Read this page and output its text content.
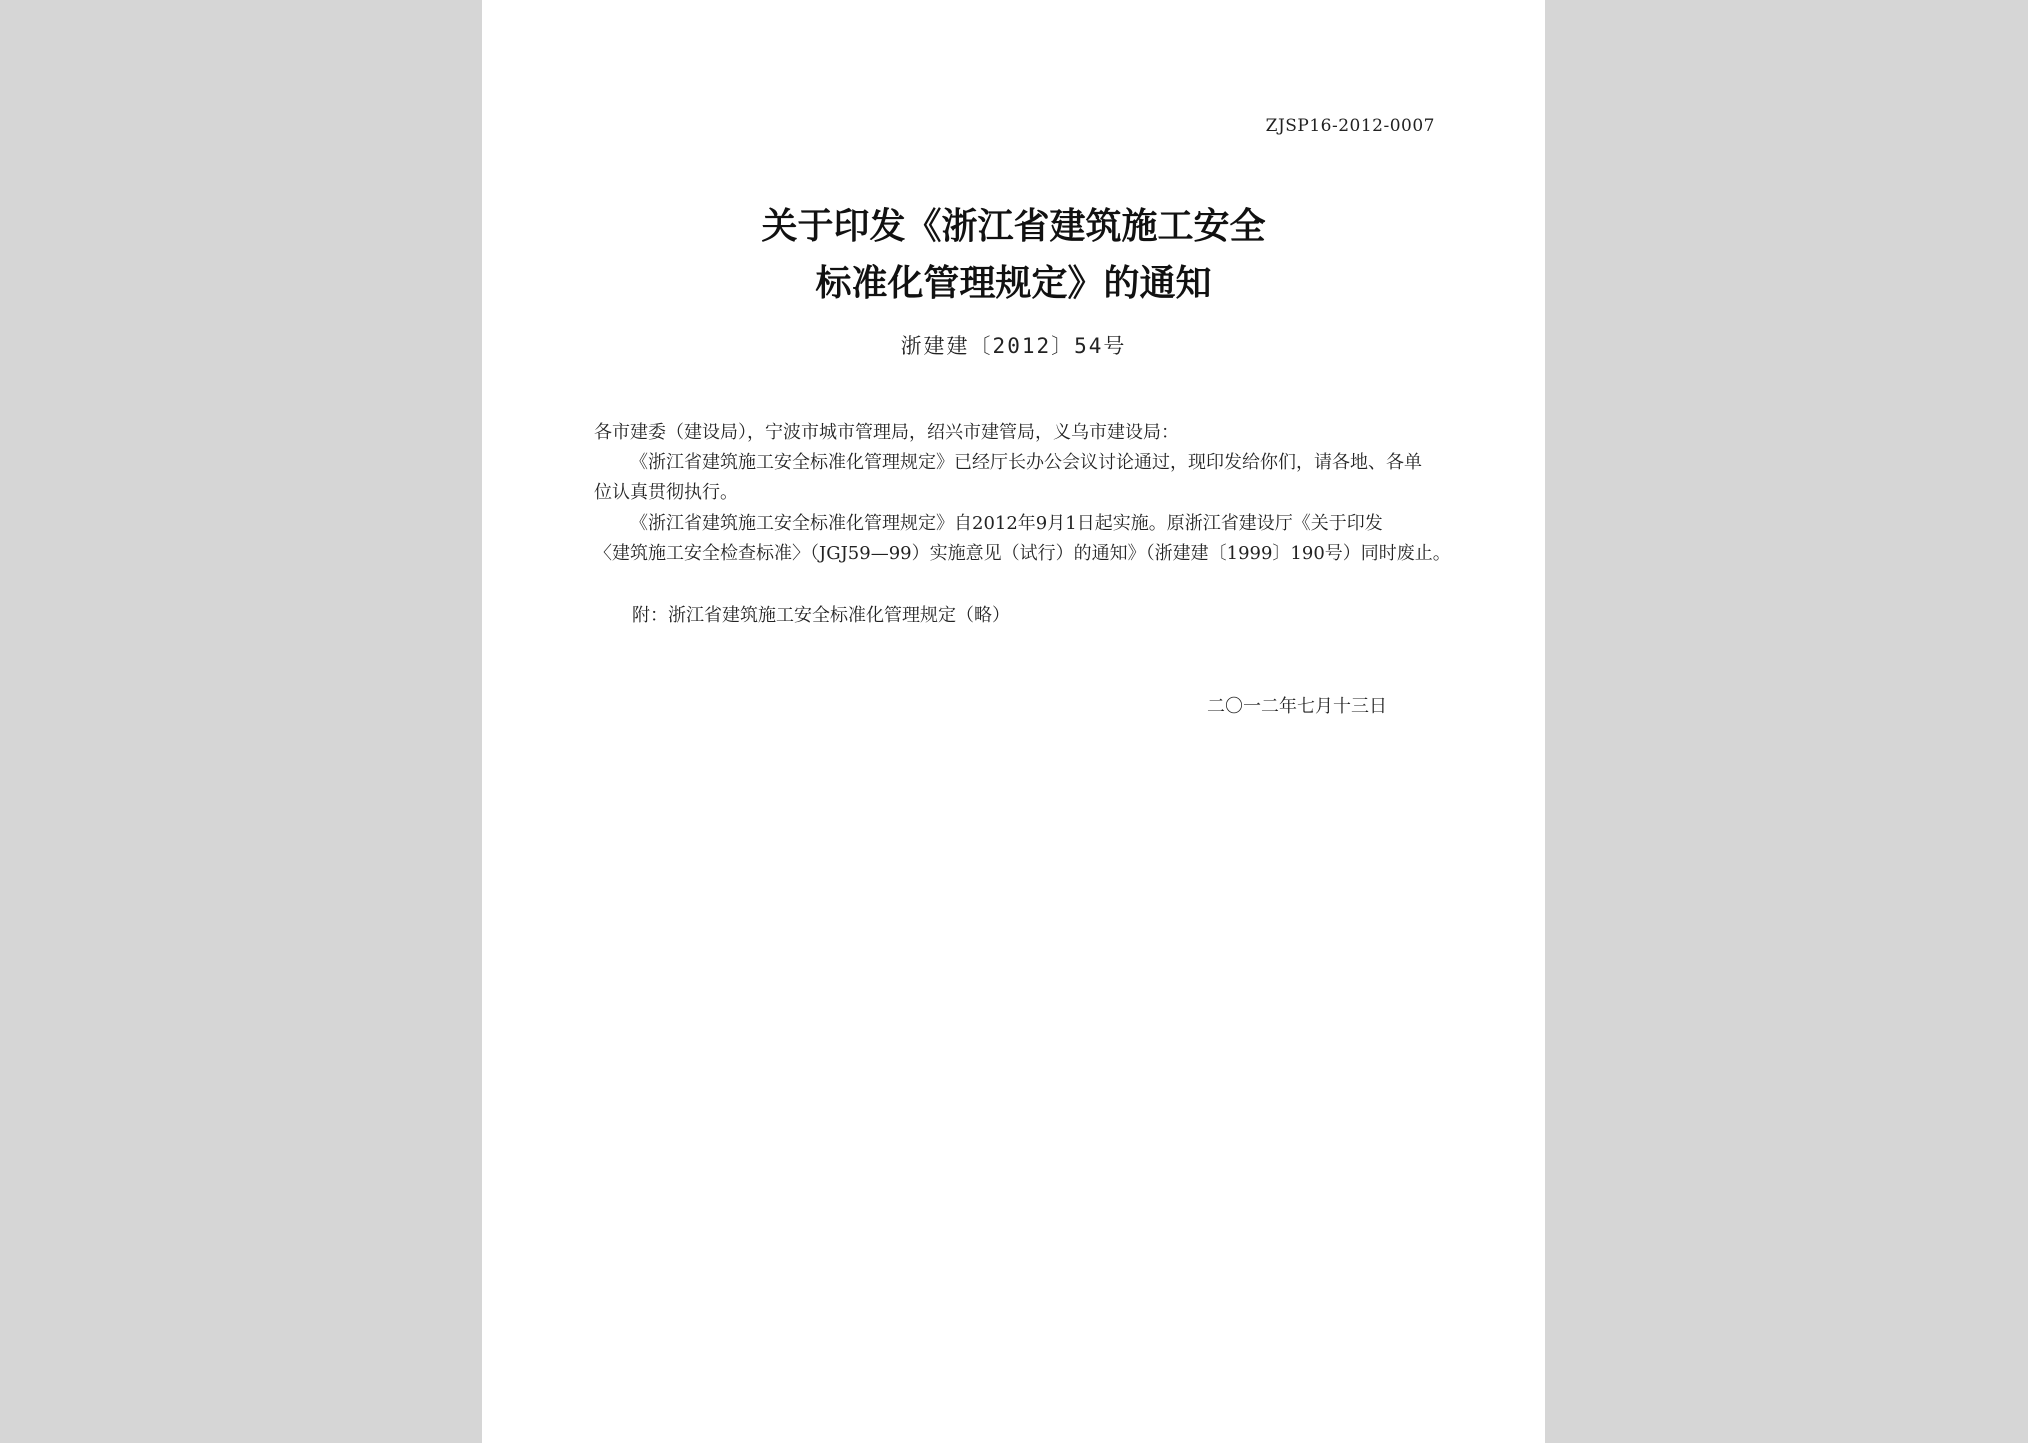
ZJSP16-2012-0007
关于印发《浙江省建筑施工安全
标准化管理规定》的通知
浙建建〔2012〕54号
各市建委（建设局），宁波市城市管理局，绍兴市建管局，义乌市建设局：
《浙江省建筑施工安全标准化管理规定》已经厅长办公会议讨论通过，现印发给你们，请各地、各单
位认真贯彻执行。
《浙江省建筑施工安全标准化管理规定》自2012年9月1日起实施。原浙江省建设厅《关于印发
〈建筑施工安全检查标准〉（JGJ59—99）实施意见（试行）的通知》（浙建建〔1999〕190号）同时废止。
附：浙江省建筑施工安全标准化管理规定（略）
二〇一二年七月十三日
